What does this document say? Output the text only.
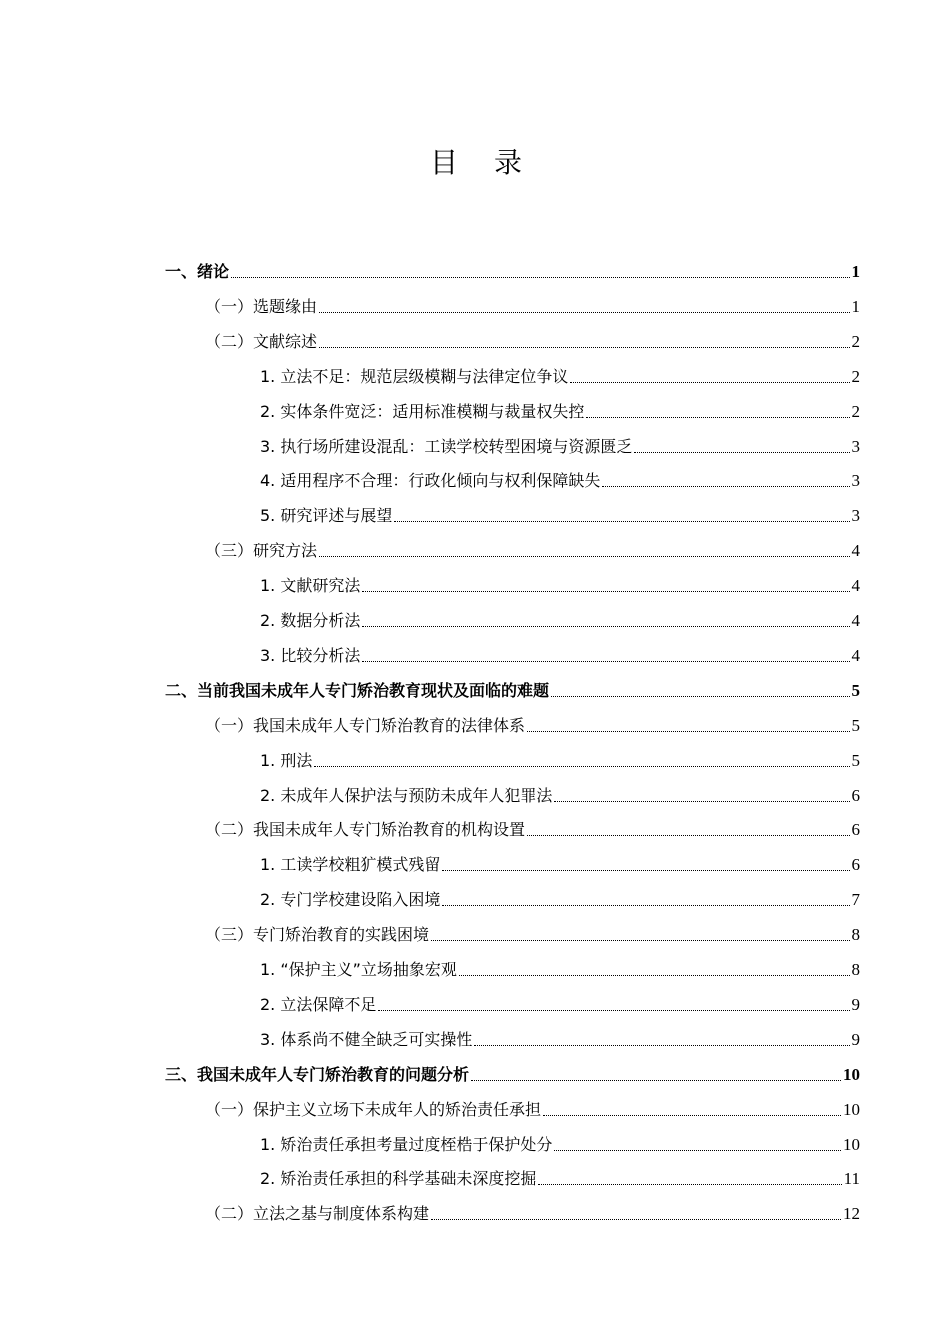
目录
一、绪论	1
（一）选题缘由	1
（二）文献综述	2
1. 立法不足：规范层级模糊与法律定位争议	2
2. 实体条件宽泛：适用标准模糊与裁量权失控	2
3. 执行场所建设混乱：工读学校转型困境与资源匮乏	3
4. 适用程序不合理：行政化倾向与权利保障缺失	3
5. 研究评述与展望	3
（三）研究方法	4
1. 文献研究法	4
2. 数据分析法	4
3. 比较分析法	4
二、当前我国未成年人专门矫治教育现状及面临的难题	5
（一）我国未成年人专门矫治教育的法律体系	5
1. 刑法	5
2. 未成年人保护法与预防未成年人犯罪法	6
（二）我国未成年人专门矫治教育的机构设置	6
1. 工读学校粗犷模式残留	6
2. 专门学校建设陷入困境	7
（三）专门矫治教育的实践困境	8
1. “保护主义”立场抽象宏观	8
2. 立法保障不足	9
3. 体系尚不健全缺乏可实操性	9
三、我国未成年人专门矫治教育的问题分析	10
（一）保护主义立场下未成年人的矫治责任承担	10
1. 矫治责任承担考量过度桎梏于保护处分	10
2. 矫治责任承担的科学基础未深度挖掘	11
（二）立法之基与制度体系构建	12
